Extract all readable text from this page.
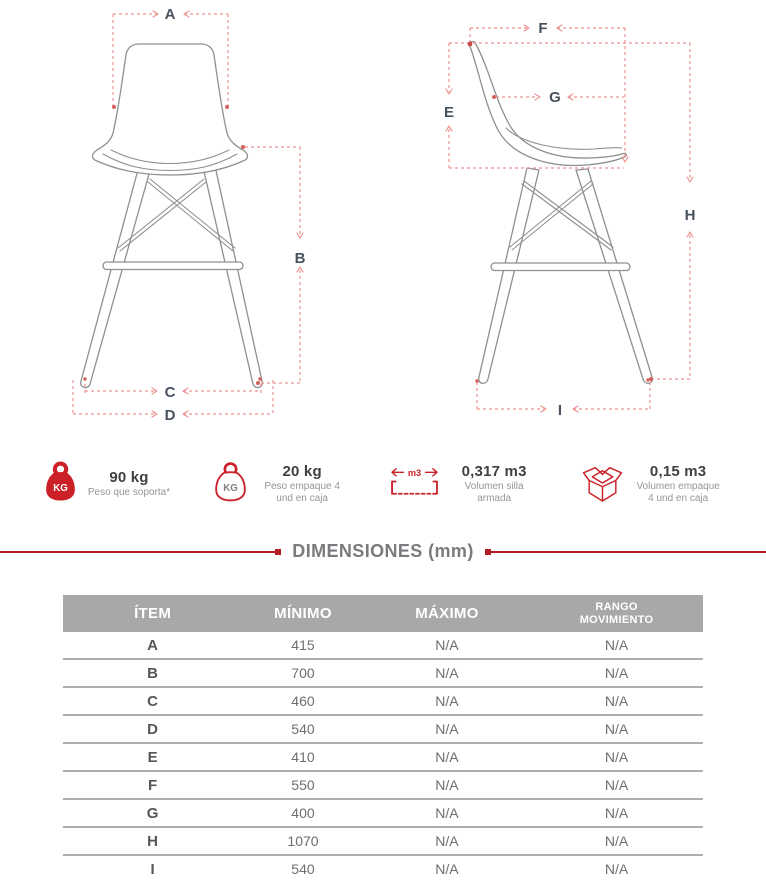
A
B
C
D
E
F
G
H
I
KG
90 kg
Peso que soporta*	KG
20 kg
Peso empaque 4 und en caja
m3	0,317 m3
Volumen silla armada
0,15 m3
Volumen empaque 4 und en caja
DIMENSIONES (mm)
ÍTEM	MÍNIMO	MÁXIMO	RANGO MOVIMIENTO
A	415	N/A	N/A
B	700	N/A	N/A
C	460	N/A	N/A
D	540	N/A	N/A
E	410	N/A	N/A
F	550	N/A	N/A
G	400	N/A	N/A
H	1070	N/A	N/A
I	540	N/A	N/A
